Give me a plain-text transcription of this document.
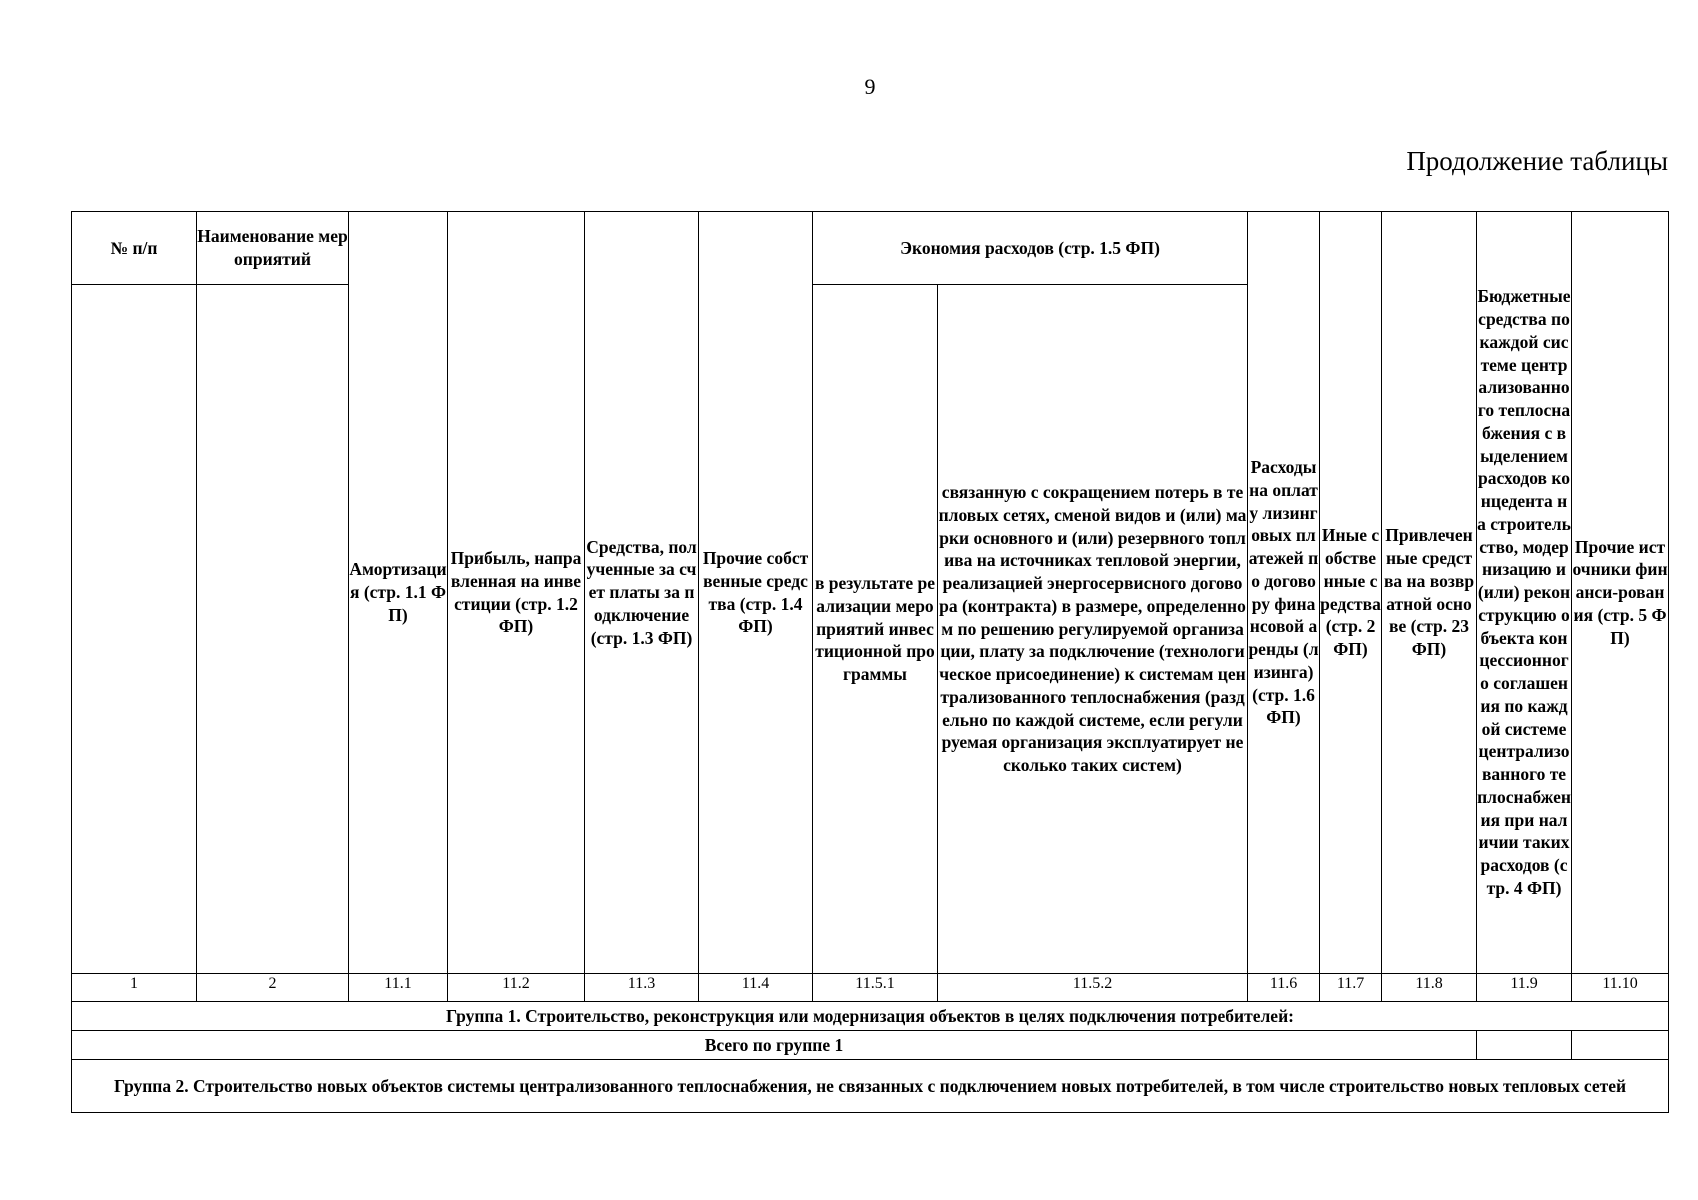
9
Продолжение таблицы
№ п/п	Наименование мероприятий	Амортизация (стр. 1.1 ФП)	Прибыль, направленная на инвестиции (стр. 1.2 ФП)	Средства, полученные за счет платы за подключение (стр. 1.3 ФП)	Прочие собственные средства (стр. 1.4 ФП)	Экономия расходов (стр. 1.5 ФП)		Расходы на оплату лизинговых платежей по договору финансовой аренды (лизинга) (стр. 1.6 ФП)	Иные собственные средства (стр. 2 ФП)	Привлеченные средства на возвратной основе (стр. 23 ФП)	Бюджетные средства по каждой системе централизованного теплоснабжения с выделением расходов концедента на строительство, модернизацию и (или) реконструкцию объекта концессионного соглашения по каждой системе централизованного теплоснабжения при наличии таких расходов (стр. 4 ФП)	Прочие источники финанси-рования (стр. 5 ФП)
						в результате реализации мероприятий инвестиционной программы	связанную с сокращением потерь в тепловых сетях, сменой видов и (или) марки основного и (или) резервного топлива на источниках тепловой энергии, реализацией энергосервисного договора (контракта) в размере, определенном по решению регулируемой организации, плату за подключение (технологическое присоединение) к системам централизованного теплоснабжения (раздельно по каждой системе, если регулируемая организация эксплуатирует несколько таких систем)					
1	2	11.1	11.2	11.3	11.4	11.5.1	11.5.2	11.6	11.7	11.8	11.9	11.10
Группа 1. Строительство, реконструкция или модернизация объектов в целях подключения потребителей:												
Всего по группе 1												
Группа 2. Строительство новых объектов системы централизованного теплоснабжения, не связанных с подключением новых потребителей, в том числе строительство новых тепловых сетей												
